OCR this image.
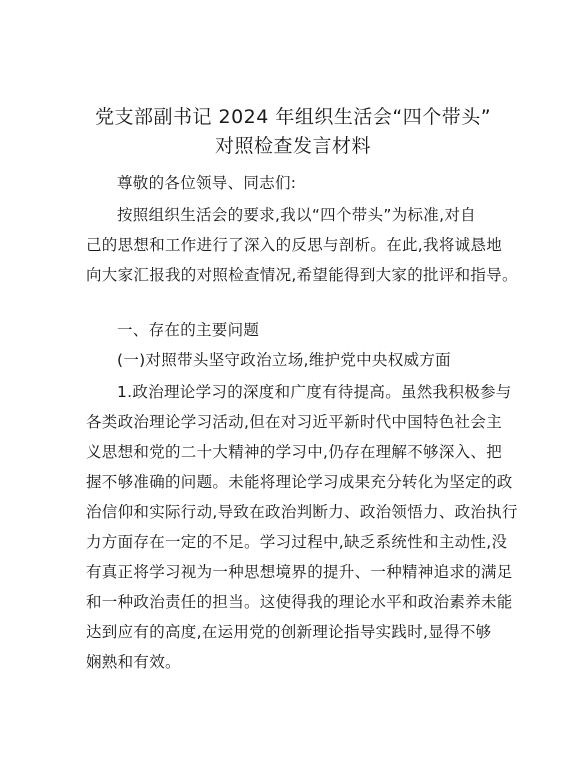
党支部副书记 2024 年组织生活会“四个带头”
对照检查发言材料
尊敬的各位领导、同志们:
按照组织生活会的要求,我以“四个带头”为标准,对自
己的思想和工作进行了深入的反思与剖析。在此,我将诚恳地
向大家汇报我的对照检查情况,希望能得到大家的批评和指导。
一、存在的主要问题
(一)对照带头坚守政治立场,维护党中央权威方面
1.政治理论学习的深度和广度有待提高。虽然我积极参与
各类政治理论学习活动,但在对习近平新时代中国特色社会主
义思想和党的二十大精神的学习中,仍存在理解不够深入、把
握不够准确的问题。未能将理论学习成果充分转化为坚定的政
治信仰和实际行动,导致在政治判断力、政治领悟力、政治执行
力方面存在一定的不足。学习过程中,缺乏系统性和主动性,没
有真正将学习视为一种思想境界的提升、一种精神追求的满足
和一种政治责任的担当。这使得我的理论水平和政治素养未能
达到应有的高度,在运用党的创新理论指导实践时,显得不够
娴熟和有效。
